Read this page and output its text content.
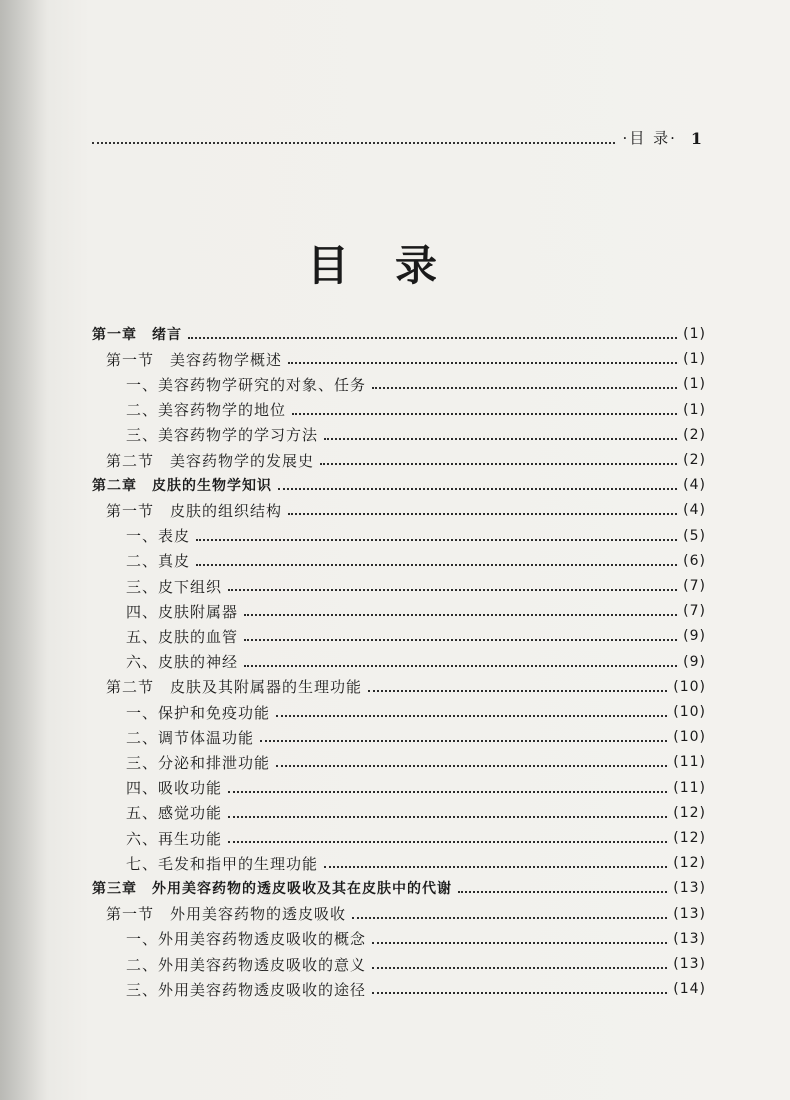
·目 录· 1
目录
第一章　绪言	(1)
第一节　美容药物学概述	(1)
一、美容药物学研究的对象、任务	(1)
二、美容药物学的地位	(1)
三、美容药物学的学习方法	(2)
第二节　美容药物学的发展史	(2)
第二章　皮肤的生物学知识	(4)
第一节　皮肤的组织结构	(4)
一、表皮	(5)
二、真皮	(6)
三、皮下组织	(7)
四、皮肤附属器	(7)
五、皮肤的血管	(9)
六、皮肤的神经	(9)
第二节　皮肤及其附属器的生理功能	(10)
一、保护和免疫功能	(10)
二、调节体温功能	(10)
三、分泌和排泄功能	(11)
四、吸收功能	(11)
五、感觉功能	(12)
六、再生功能	(12)
七、毛发和指甲的生理功能	(12)
第三章　外用美容药物的透皮吸收及其在皮肤中的代谢	(13)
第一节　外用美容药物的透皮吸收	(13)
一、外用美容药物透皮吸收的概念	(13)
二、外用美容药物透皮吸收的意义	(13)
三、外用美容药物透皮吸收的途径	(14)
